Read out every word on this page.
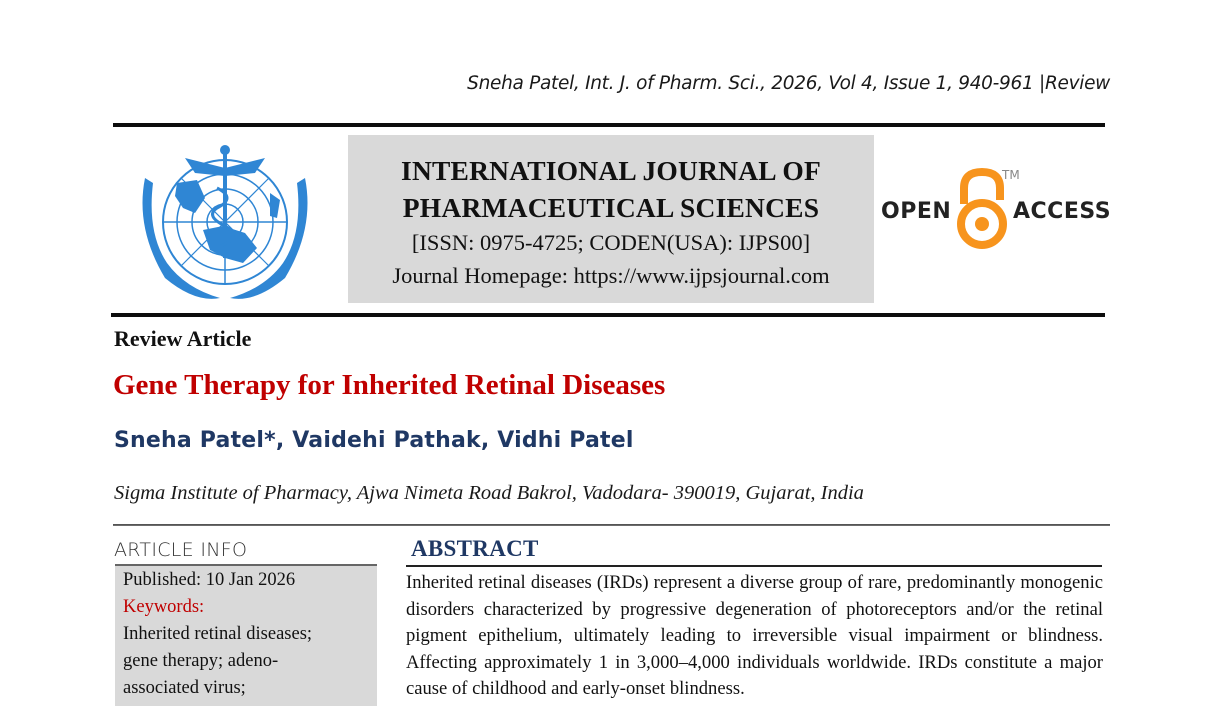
Sneha Patel, Int. J. of Pharm. Sci., 2026, Vol 4, Issue 1, 940-961 |Review
INTERNATIONAL JOURNAL OF
PHARMACEUTICAL SCIENCES
[ISSN: 0975-4725; CODEN(USA): IJPS00]
Journal Homepage: https://www.ijpsjournal.com
OPEN
TM
ACCESS
Review Article
Gene Therapy for Inherited Retinal Diseases
Sneha Patel*, Vaidehi Pathak, Vidhi Patel
Sigma Institute of Pharmacy, Ajwa Nimeta Road Bakrol, Vadodara- 390019, Gujarat, India
ARTICLE INFO
Published: 10 Jan 2026
Keywords:
Inherited retinal diseases;
gene therapy; adeno-
associated virus;
ABSTRACT
Inherited retinal diseases (IRDs) represent a diverse group of rare, predominantly monogenic disorders characterized by progressive degeneration of photoreceptors and/or the retinal pigment epithelium, ultimately leading to irreversible visual impairment or blindness. Affecting approximately 1 in 3,000–4,000 individuals worldwide. IRDs constitute a major cause of childhood and early-onset blindness.
